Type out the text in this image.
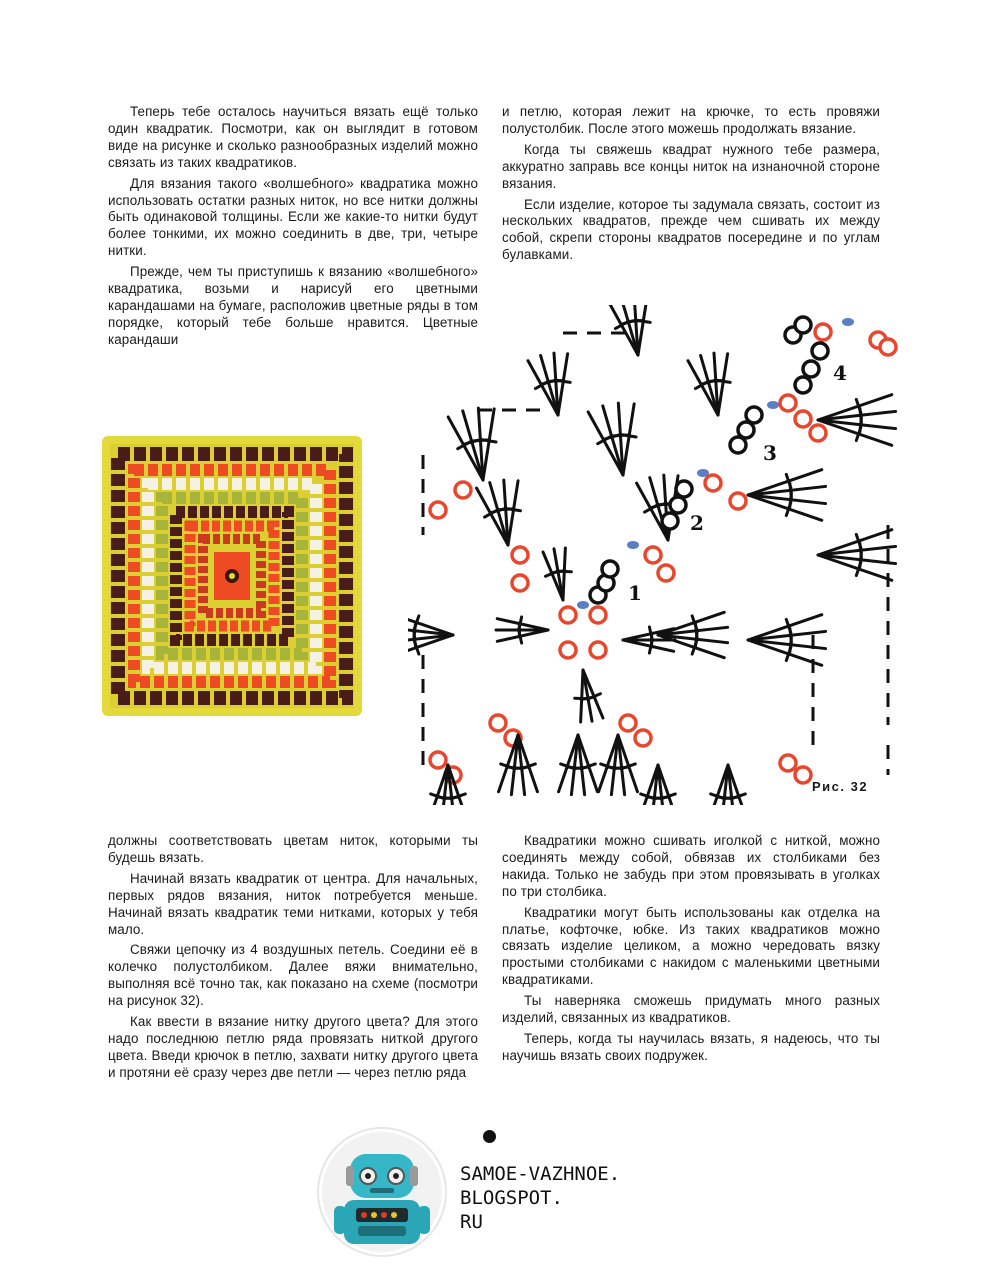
Теперь тебе осталось научиться вязать ещё только один квадратик. Посмотри, как он выглядит в готовом виде на рисунке и сколько разнообразных изделий можно связать из таких квадратиков.

Для вязания такого «волшебного» квадратика можно использовать остатки разных ниток, но все нитки должны быть одинаковой толщины. Если же какие-то нитки будут более тонкими, их можно соединить в две, три, четыре нитки.

Прежде, чем ты приступишь к вязанию «волшебного» квадратика, возьми и нарисуй его цветными карандашами на бумаге, расположив цветные ряды в том порядке, который тебе больше нравится. Цветные карандаши

и петлю, которая лежит на крючке, то есть провяжи полустолбик. После этого можешь продолжать вязание.

Когда ты свяжешь квадрат нужного тебе размера, аккуратно заправь все концы ниток на изнаночной стороне вязания.

Если изделие, которое ты задумала связать, состоит из нескольких квадратов, прежде чем сшивать их между собой, скрепи стороны квадратов посередине и по углам булавками.

1
2
3
4
Рис. 32

должны соответствовать цветам ниток, которыми ты будешь вязать.

Начинай вязать квадратик от центра. Для начальных, первых рядов вязания, ниток потребуется меньше. Начинай вязать квадратик теми нитками, которых у тебя мало.

Свяжи цепочку из 4 воздушных петель. Соедини её в колечко полустолбиком. Далее вяжи внимательно, выполняя всё точно так, как показано на схеме (посмотри на рисунок 32).

Как ввести в вязание нитку другого цвета? Для этого надо последнюю петлю ряда провязать ниткой другого цвета. Введи крючок в петлю, захвати нитку другого цвета и протяни её сразу через две петли — через петлю ряда

Квадратики можно сшивать иголкой с ниткой, можно соединять между собой, обвязав их столбиками без накида. Только не забудь при этом провязывать в уголках по три столбика.

Квадратики могут быть использованы как отделка на платье, кофточке, юбке. Из таких квадратиков можно связать изделие целиком, а можно чередовать вязку простыми столбиками с накидом с маленькими цветными квадратиками.

Ты наверняка сможешь придумать много разных изделий, связанных из квадратиков.

Теперь, когда ты научилась вязать, я надеюсь, что ты научишь вязать своих подружек.

SAMOE-VAZHNOE.
BLOGSPOT.
RU
